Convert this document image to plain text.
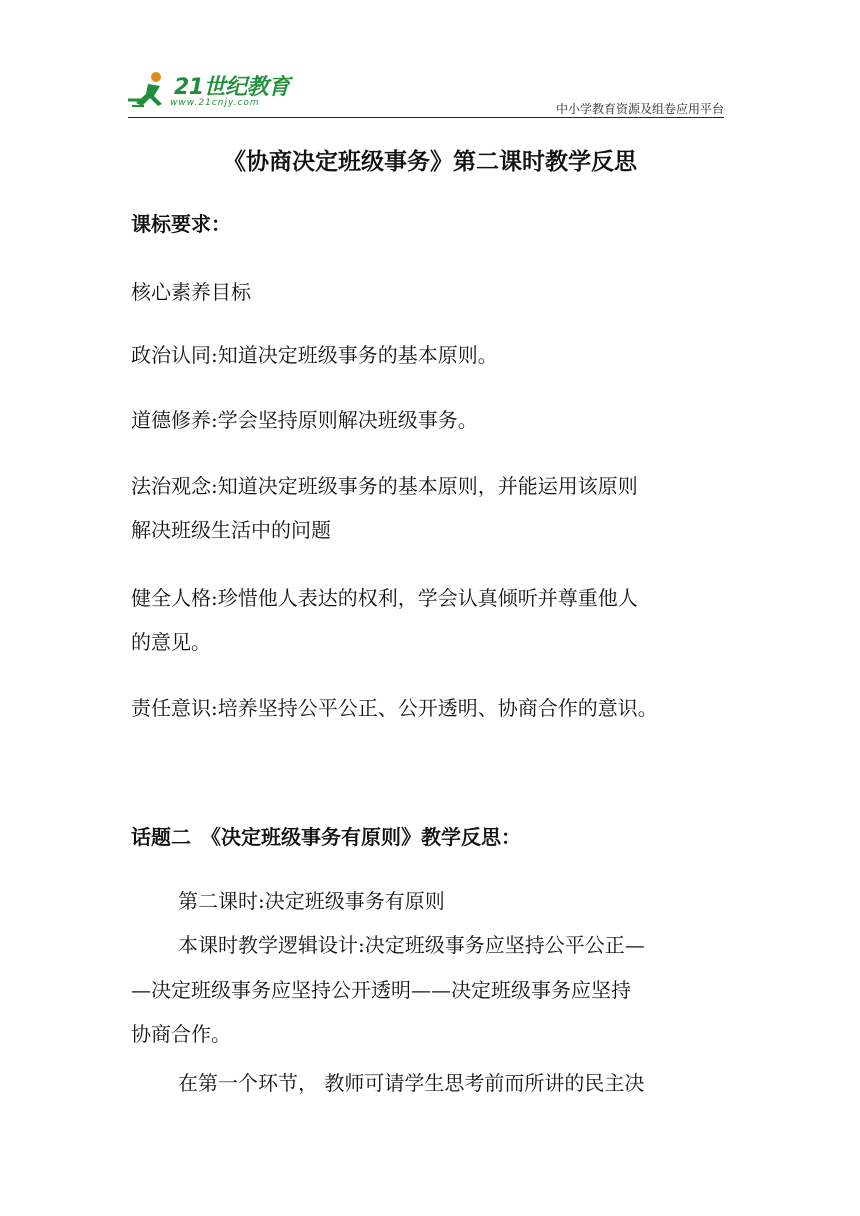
21世纪教育
www.21cnjy.com	中小学教育资源及组卷应用平台
《协商决定班级事务》第二课时教学反思
课标要求：
核心素养目标
政治认同:知道决定班级事务的基本原则。
道德修养:学会坚持原则解决班级事务。
法治观念:知道决定班级事务的基本原则，并能运用该原则
解决班级生活中的问题
健全人格:珍惜他人表达的权利，学会认真倾听并尊重他人
的意见。
责任意识:培养坚持公平公正、公开透明、协商合作的意识。
话题二　《决定班级事务有原则》教学反思：
第二课时:决定班级事务有原则
本课时教学逻辑设计:决定班级事务应坚持公平公正—
—决定班级事务应坚持公开透明——决定班级事务应坚持
协商合作。
在第一个环节， 教师可请学生思考前而所讲的民主决
